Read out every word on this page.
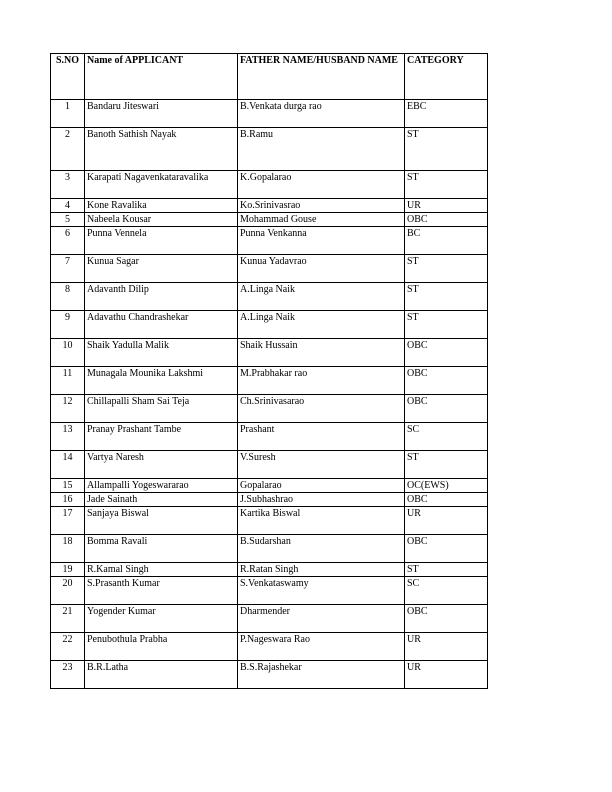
S.NO	Name of APPLICANT	FATHER NAME/HUSBAND NAME	CATEGORY
1	Bandaru Jiteswari	B.Venkata durga rao	EBC
2	Banoth Sathish Nayak	B.Ramu	ST
3	Karapati Nagavenkataravalika	K.Gopalarao	ST
4	Kone Ravalika	Ko.Srinivasrao	UR
5	Nabeela Kousar	Mohammad Gouse	OBC
6	Punna Vennela	Punna Venkanna	BC
7	Kunua Sagar	Kunua Yadavrao	ST
8	Adavanth Dilip	A.Linga Naik	ST
9	Adavathu Chandrashekar	A.Linga Naik	ST
10	Shaik Yadulla Malik	Shaik Hussain	OBC
11	Munagala Mounika Lakshmi	M.Prabhakar rao	OBC
12	Chillapalli Sham Sai Teja	Ch.Srinivasarao	OBC
13	Pranay Prashant Tambe	Prashant	SC
14	Vartya Naresh	V.Suresh	ST
15	Allampalli Yogeswararao	Gopalarao	OC(EWS)
16	Jade Sainath	J.Subhashrao	OBC
17	Sanjaya Biswal	Kartika Biswal	UR
18	Bomma Ravali	B.Sudarshan	OBC
19	R.Kamal Singh	R.Ratan Singh	ST
20	S.Prasanth Kumar	S.Venkataswamy	SC
21	Yogender Kumar	Dharmender	OBC
22	Penubothula Prabha	P.Nageswara Rao	UR
23	B.R.Latha	B.S.Rajashekar	UR
